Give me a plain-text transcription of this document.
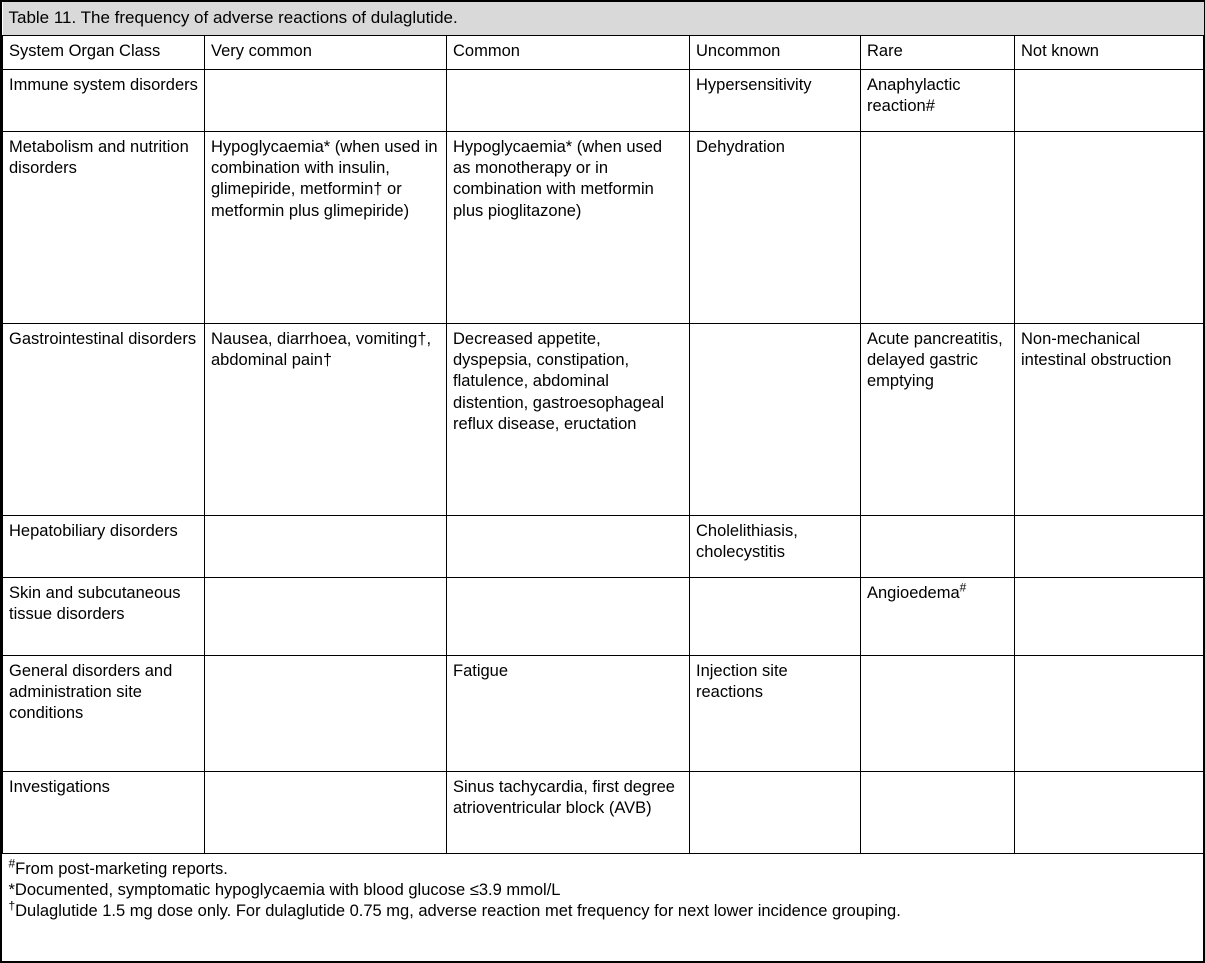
Table 11. The frequency of adverse reactions of dulaglutide.					
System Organ Class	Very common	Common	Uncommon	Rare	Not known
Immune system disorders			Hypersensitivity	Anaphylactic reaction#	
Metabolism and nutrition disorders	Hypoglycaemia* (when used in combination with insulin, glimepiride, metformin† or metformin plus glimepiride)	Hypoglycaemia* (when used as monotherapy or in combination with metformin plus pioglitazone)	Dehydration		
Gastrointestinal disorders	Nausea, diarrhoea, vomiting†, abdominal pain†	Decreased appetite, dyspepsia, constipation, flatulence, abdominal distention, gastroesophageal reflux disease, eructation		Acute pancreatitis, delayed gastric emptying	Non-mechanical intestinal obstruction
Hepatobiliary disorders			Cholelithiasis, cholecystitis		
Skin and subcutaneous tissue disorders				Angioedema#	
General disorders and administration site conditions		Fatigue	Injection site reactions		
Investigations		Sinus tachycardia, first degree atrioventricular block (AVB)			

#From post-marketing reports.
*Documented, symptomatic hypoglycaemia with blood glucose ≤3.9 mmol/L
†Dulaglutide 1.5 mg dose only. For dulaglutide 0.75 mg, adverse reaction met frequency for next lower incidence grouping.					
